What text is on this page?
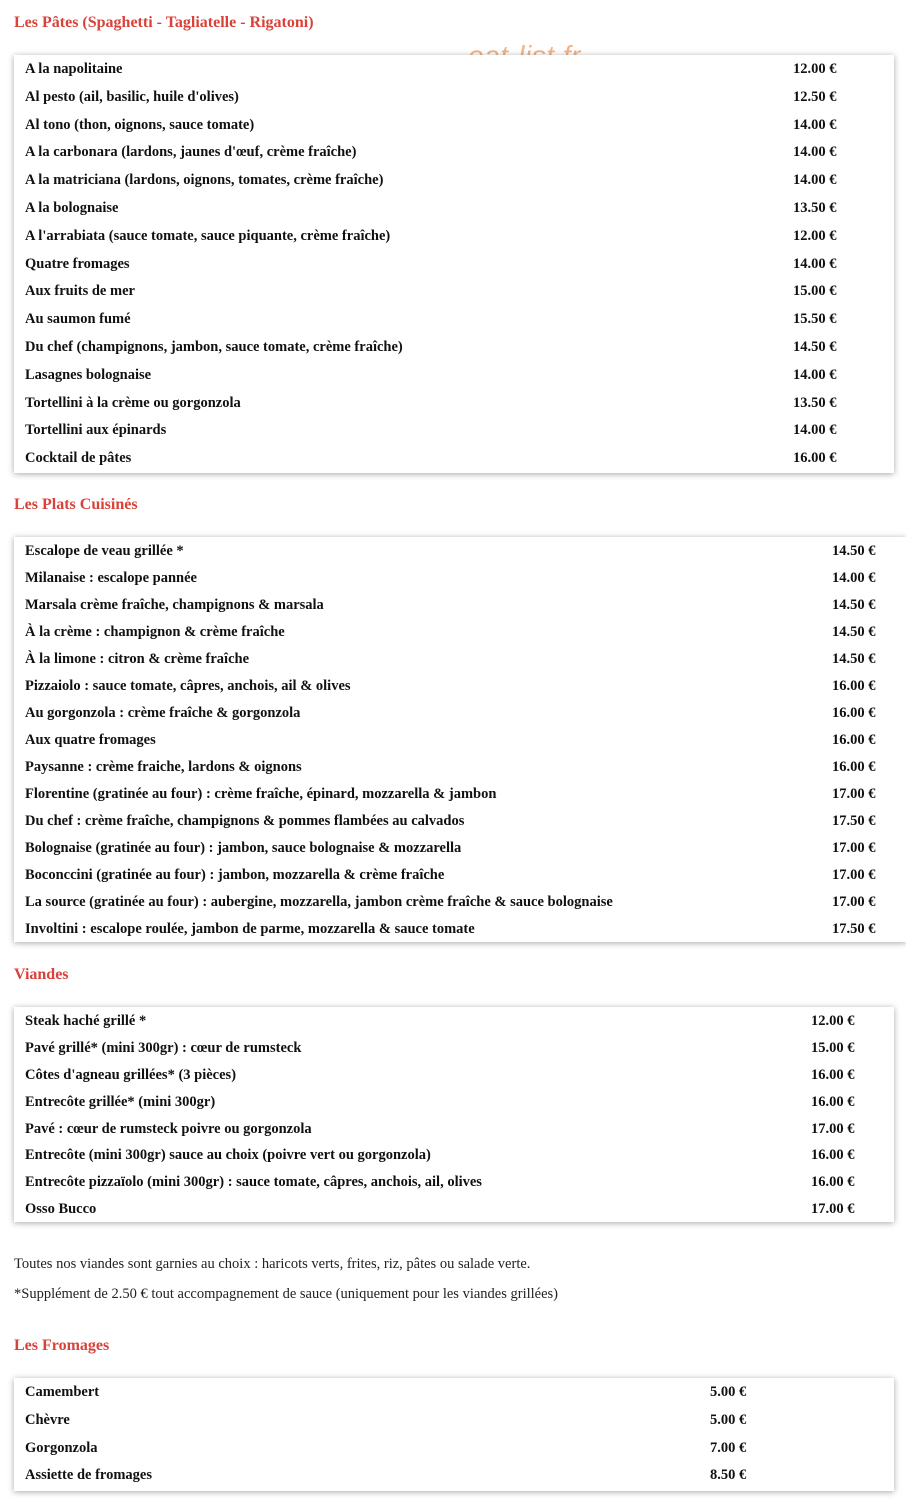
Les Pâtes (Spaghetti - Tagliatelle - Rigatoni)
A la napolitaine	12.00 €
Al pesto (ail, basilic, huile d'olives)	12.50 €
Al tono (thon, oignons, sauce tomate)	14.00 €
A la carbonara (lardons, jaunes d'œuf, crème fraîche)	14.00 €
A la matriciana (lardons, oignons, tomates, crème fraîche)	14.00 €
A la bolognaise	13.50 €
A l'arrabiata (sauce tomate, sauce piquante, crème fraîche)	12.00 €
Quatre fromages	14.00 €
Aux fruits de mer	15.00 €
Au saumon fumé	15.50 €
Du chef (champignons, jambon, sauce tomate, crème fraîche)	14.50 €
Lasagnes bolognaise	14.00 €
Tortellini à la crème ou gorgonzola	13.50 €
Tortellini aux épinards	14.00 €
Cocktail de pâtes	16.00 €
Les Plats Cuisinés
Escalope de veau grillée *	14.50 €
Milanaise : escalope pannée	14.00 €
Marsala crème fraîche, champignons & marsala	14.50 €
À la crème : champignon & crème fraîche	14.50 €
À la limone : citron & crème fraîche	14.50 €
Pizzaiolo : sauce tomate, câpres, anchois, ail & olives	16.00 €
Au gorgonzola : crème fraîche & gorgonzola	16.00 €
Aux quatre fromages	16.00 €
Paysanne : crème fraiche, lardons & oignons	16.00 €
Florentine (gratinée au four) : crème fraîche, épinard, mozzarella & jambon	17.00 €
Du chef : crème fraîche, champignons & pommes flambées au calvados	17.50 €
Bolognaise (gratinée au four) : jambon, sauce bolognaise & mozzarella	17.00 €
Boconccini (gratinée au four) : jambon, mozzarella & crème fraîche	17.00 €
La source (gratinée au four) : aubergine, mozzarella, jambon crème fraîche & sauce bolognaise	17.00 €
Involtini : escalope roulée, jambon de parme, mozzarella & sauce tomate	17.50 €
Viandes
Steak haché grillé *	12.00 €
Pavé grillé* (mini 300gr) : cœur de rumsteck	15.00 €
Côtes d'agneau grillées* (3 pièces)	16.00 €
Entrecôte grillée* (mini 300gr)	16.00 €
Pavé : cœur de rumsteck poivre ou gorgonzola	17.00 €
Entrecôte (mini 300gr) sauce au choix (poivre vert ou gorgonzola)	16.00 €
Entrecôte pizzaïolo (mini 300gr) : sauce tomate, câpres, anchois, ail, olives	16.00 €
Osso Bucco	17.00 €
Toutes nos viandes sont garnies au choix : haricots verts, frites, riz, pâtes ou salade verte.
*Supplément de 2.50 € tout accompagnement de sauce (uniquement pour les viandes grillées)
Les Fromages
Camembert	5.00 €
Chèvre	5.00 €
Gorgonzola	7.00 €
Assiette de fromages	8.50 €
